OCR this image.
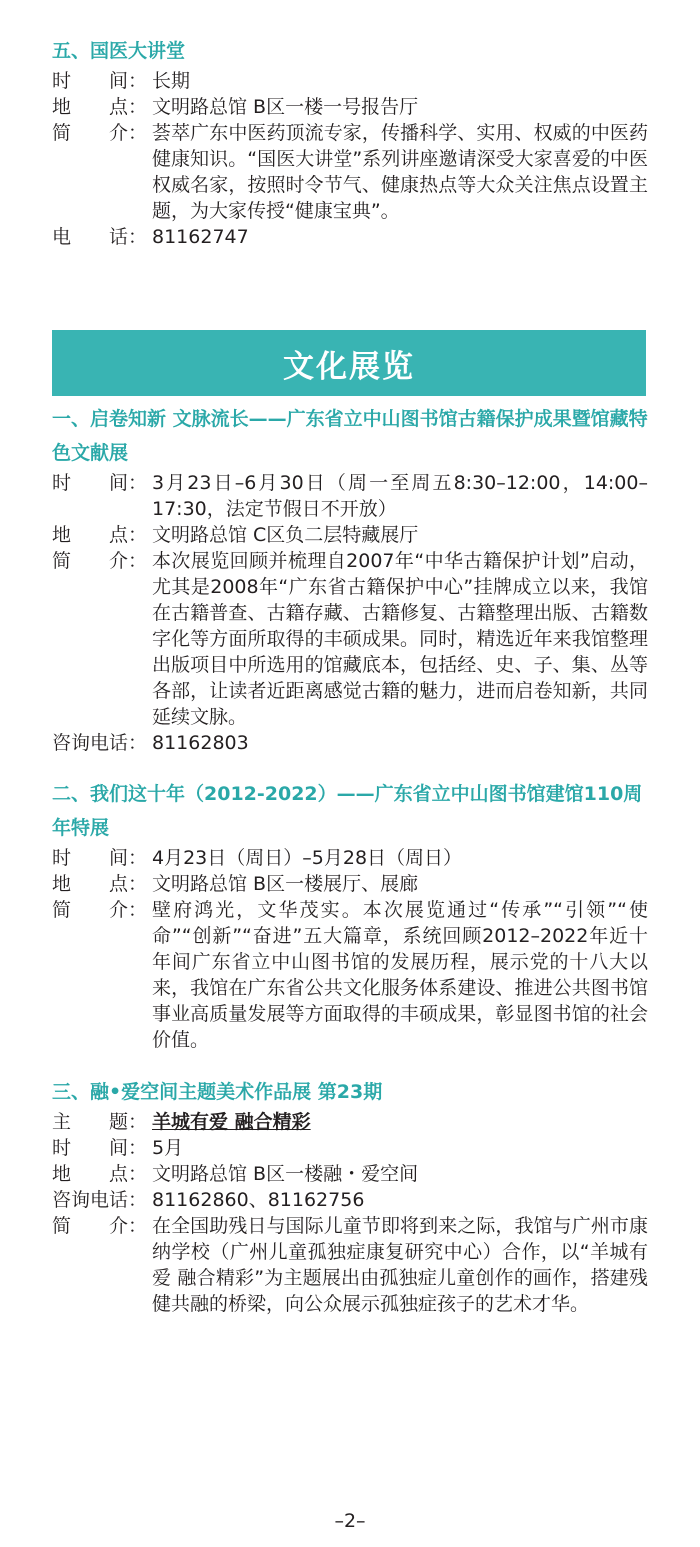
五、国医大讲堂
时　　间： 长期
地　　点： 文明路总馆 B区一楼一号报告厅
简　　介： 荟萃广东中医药顶流专家，传播科学、实用、权威的中医药健康知识。“国医大讲堂”系列讲座邀请深受大家喜爱的中医权威名家，按照时令节气、健康热点等大众关注焦点设置主题，为大家传授“健康宝典”。
电　　话： 81162747
文化展览
一、启卷知新 文脉流长——广东省立中山图书馆古籍保护成果暨馆藏特色文献展
时　　间： 3月23日–6月30日（周一至周五8:30–12:00，14:00–17:30，法定节假日不开放）
地　　点： 文明路总馆 C区负二层特藏展厅
简　　介： 本次展览回顾并梳理自2007年“中华古籍保护计划”启动，尤其是2008年“广东省古籍保护中心”挂牌成立以来，我馆在古籍普查、古籍存藏、古籍修复、古籍整理出版、古籍数字化等方面所取得的丰硕成果。同时，精选近年来我馆整理出版项目中所选用的馆藏底本，包括经、史、子、集、丛等各部，让读者近距离感觉古籍的魅力，进而启卷知新，共同延续文脉。
咨询电话： 81162803
二、我们这十年（2012-2022）——广东省立中山图书馆建馆110周年特展
时　　间： 4月23日（周日）–5月28日（周日）
地　　点： 文明路总馆 B区一楼展厅、展廊
简　　介： 壁府鸿光，文华茂实。本次展览通过“传承”“引领”“使命”“创新”“奋进”五大篇章，系统回顾2012–2022年近十年间广东省立中山图书馆的发展历程，展示党的十八大以来，我馆在广东省公共文化服务体系建设、推进公共图书馆事业高质量发展等方面取得的丰硕成果，彰显图书馆的社会价值。
三、融•爱空间主题美术作品展 第23期
主　　题： 羊城有爱 融合精彩
时　　间： 5月
地　　点： 文明路总馆 B区一楼融・爱空间
咨询电话： 81162860、81162756
简　　介： 在全国助残日与国际儿童节即将到来之际，我馆与广州市康纳学校（广州儿童孤独症康复研究中心）合作，以“羊城有爱 融合精彩”为主题展出由孤独症儿童创作的画作，搭建残健共融的桥梁，向公众展示孤独症孩子的艺术才华。
–2–
